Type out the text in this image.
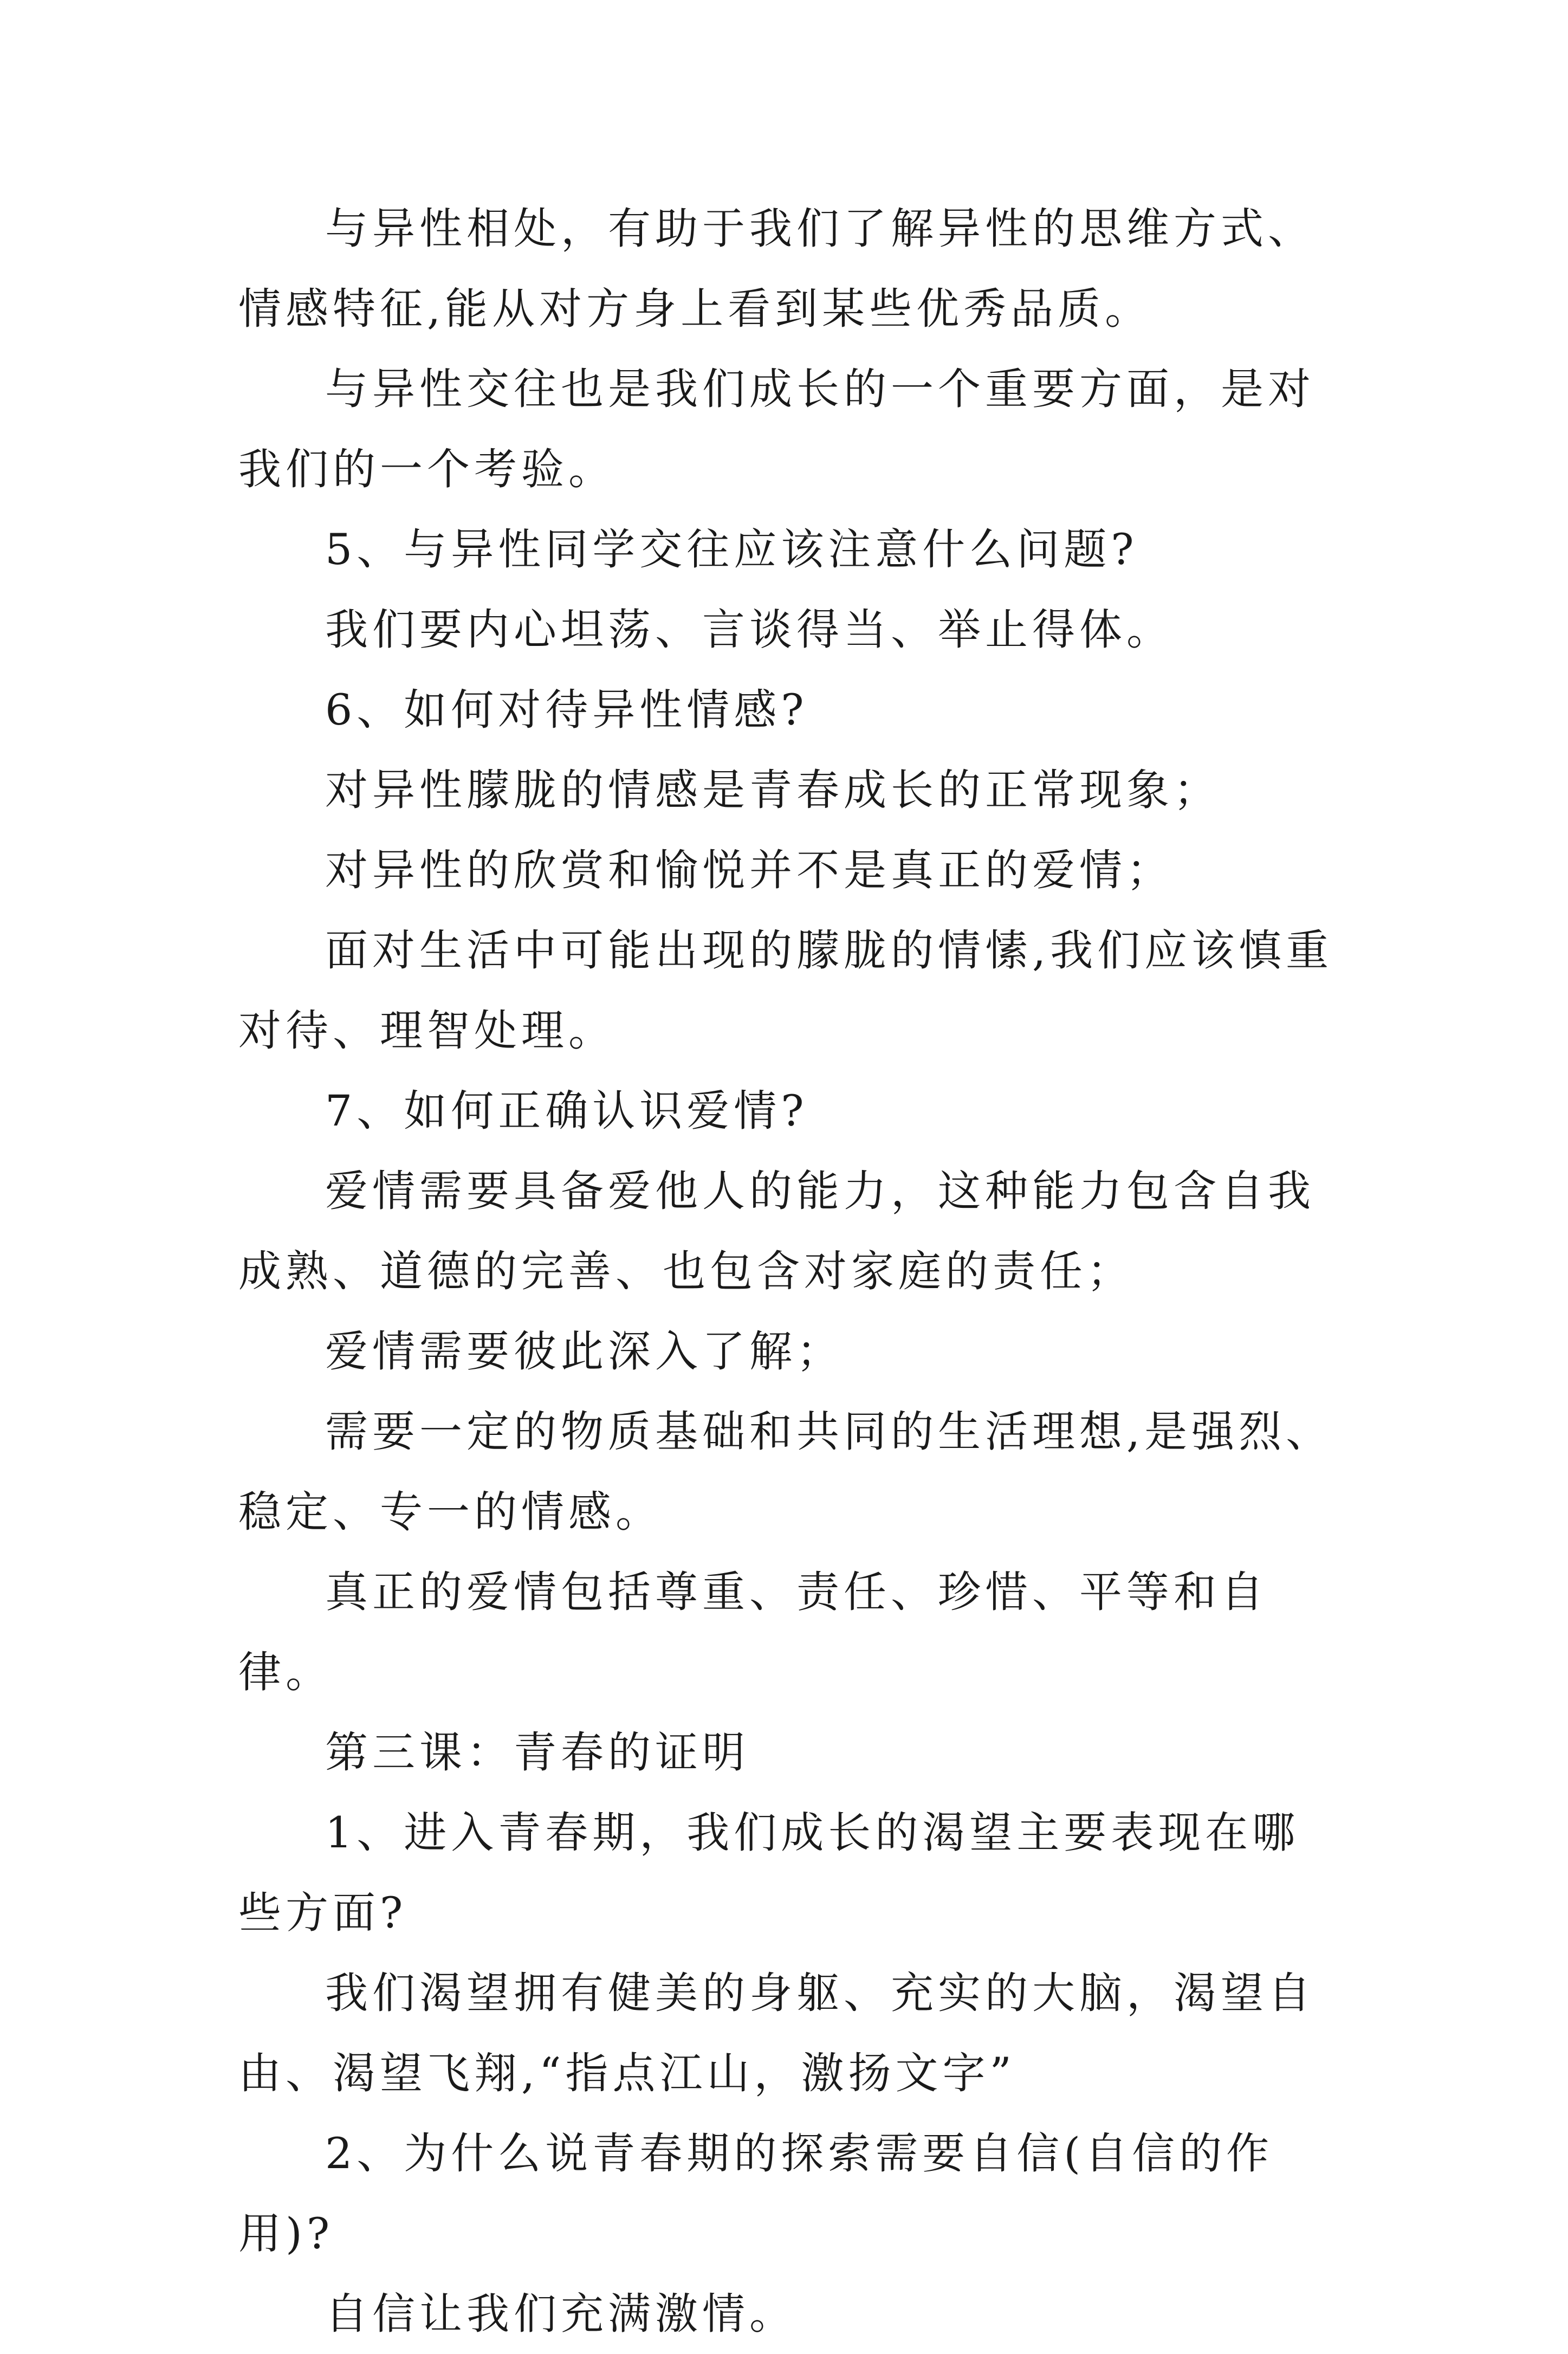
与异性相处，有助于我们了解异性的思维方式、情感特征,能从对方身上看到某些优秀品质。

与异性交往也是我们成长的一个重要方面，是对我们的一个考验。

5、与异性同学交往应该注意什么问题?

我们要内心坦荡、言谈得当、举止得体。

6、如何对待异性情感?

对异性朦胧的情感是青春成长的正常现象；

对异性的欣赏和愉悦并不是真正的爱情；

面对生活中可能出现的朦胧的情愫,我们应该慎重对待、理智处理。

7、如何正确认识爱情?

爱情需要具备爱他人的能力，这种能力包含自我成熟、道德的完善、也包含对家庭的责任；

爱情需要彼此深入了解；

需要一定的物质基础和共同的生活理想,是强烈、稳定、专一的情感。

真正的爱情包括尊重、责任、珍惜、平等和自律。

第三课：青春的证明

1、进入青春期，我们成长的渴望主要表现在哪些方面?

我们渴望拥有健美的身躯、充实的大脑，渴望自由、渴望飞翔,“指点江山，激扬文字”

2、为什么说青春期的探索需要自信(自信的作用)?

自信让我们充满激情。
